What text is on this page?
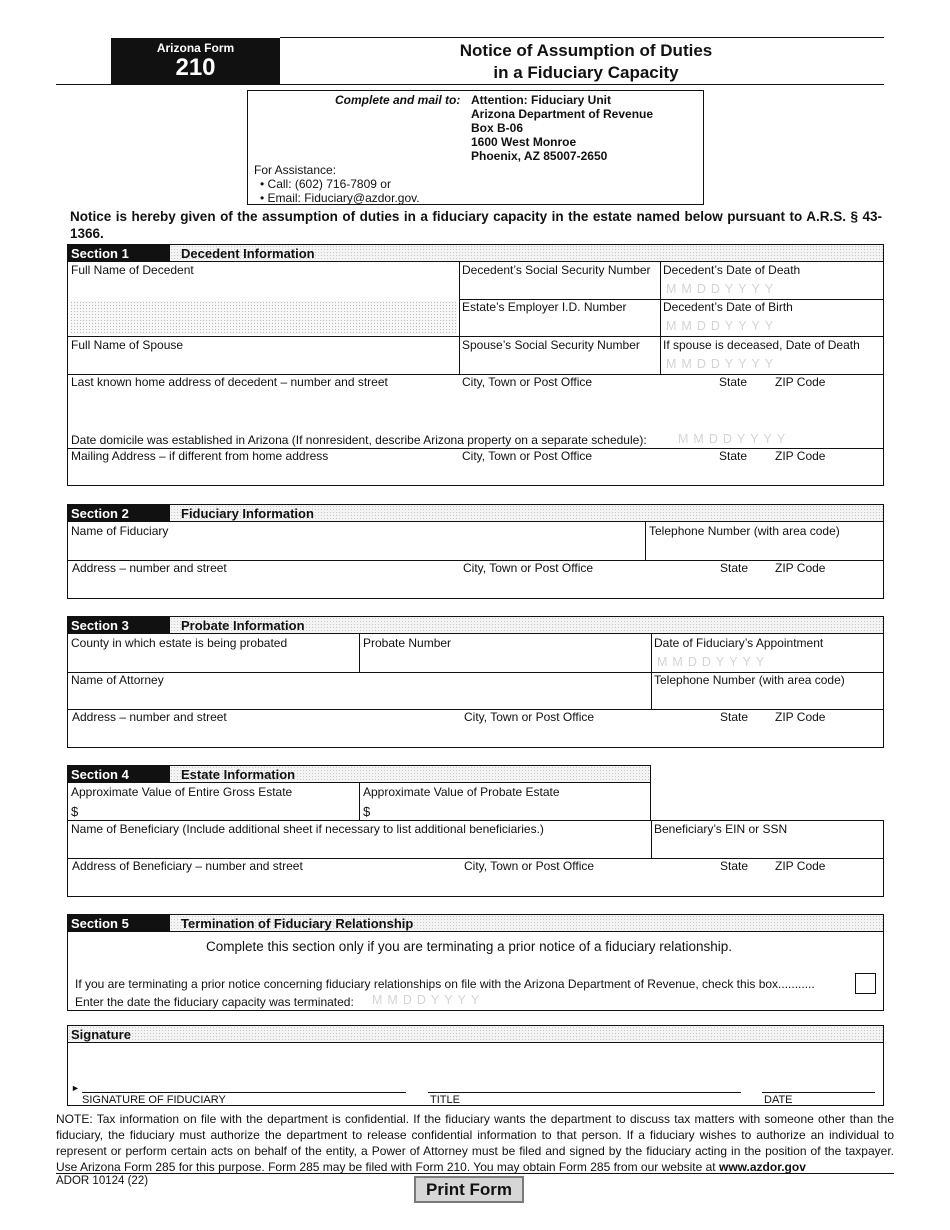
Arizona Form
210
Notice of Assumption of Duties
in a Fiduciary Capacity
Complete and mail to: Attention: Fiduciary Unit
Arizona Department of Revenue
Box B-06
1600 West Monroe
Phoenix, AZ 85007-2650
For Assistance:
• Call: (602) 716-7809 or
• Email: Fiduciary@azdor.gov.
Notice is hereby given of the assumption of duties in a fiduciary capacity in the estate named below pursuant to A.R.S. § 43-1366.
Section 1	Decedent Information
Full Name of Decedent	Decedent’s Social Security Number Decedent’s Date of Death
MMDDYYYY
Estate’s Employer I.D. Number	Decedent’s Date of Birth
MMDDYYYY
Full Name of Spouse	Spouse’s Social Security Number If spouse is deceased, Date of Death
MMDDYYYY
Last known home address of decedent – number and street	City, Town or Post Office	State ZIP Code
Date domicile was established in Arizona (If nonresident, describe Arizona property on a separate schedule):	MMDDYYYY
Mailing Address – if different from home address	City, Town or Post Office	State ZIP Code
Section 2	Fiduciary Information
Name of Fiduciary	Telephone Number (with area code)
Address – number and street	City, Town or Post Office	State ZIP Code
Section 3	Probate Information
County in which estate is being probated	Probate Number	Date of Fiduciary’s Appointment
MMDDYYYY
Name of Attorney	Telephone Number (with area code)
Address – number and street	City, Town or Post Office	State ZIP Code
Section 4	Estate Information
Approximate Value of Entire Gross Estate
$
Approximate Value of Probate Estate
$
Name of Beneficiary (Include additional sheet if necessary to list additional beneficiaries.)	Beneficiary’s EIN or SSN
Address of Beneficiary – number and street	City, Town or Post Office	State ZIP Code
Section 5	Termination of Fiduciary Relationship
Complete this section only if you are terminating a prior notice of a fiduciary relationship.
If you are terminating a prior notice concerning fiduciary relationships on file with the Arizona Department of Revenue, check this box...........
Enter the date the fiduciary capacity was terminated: MMDDYYYY
Signature
►
SIGNATURE OF FIDUCIARY	TITLE	DATE
NOTE: Tax information on file with the department is confidential. If the fiduciary wants the department to discuss tax matters with someone other than the fiduciary, the fiduciary must authorize the department to release confidential information to that person. If a fiduciary wishes to authorize an individual to represent or perform certain acts on behalf of the entity, a Power of Attorney must be filed and signed by the fiduciary acting in the position of the taxpayer. Use Arizona Form 285 for this purpose. Form 285 may be filed with Form 210. You may obtain Form 285 from our website at www.azdor.gov
ADOR 10124 (22)	Print Form
